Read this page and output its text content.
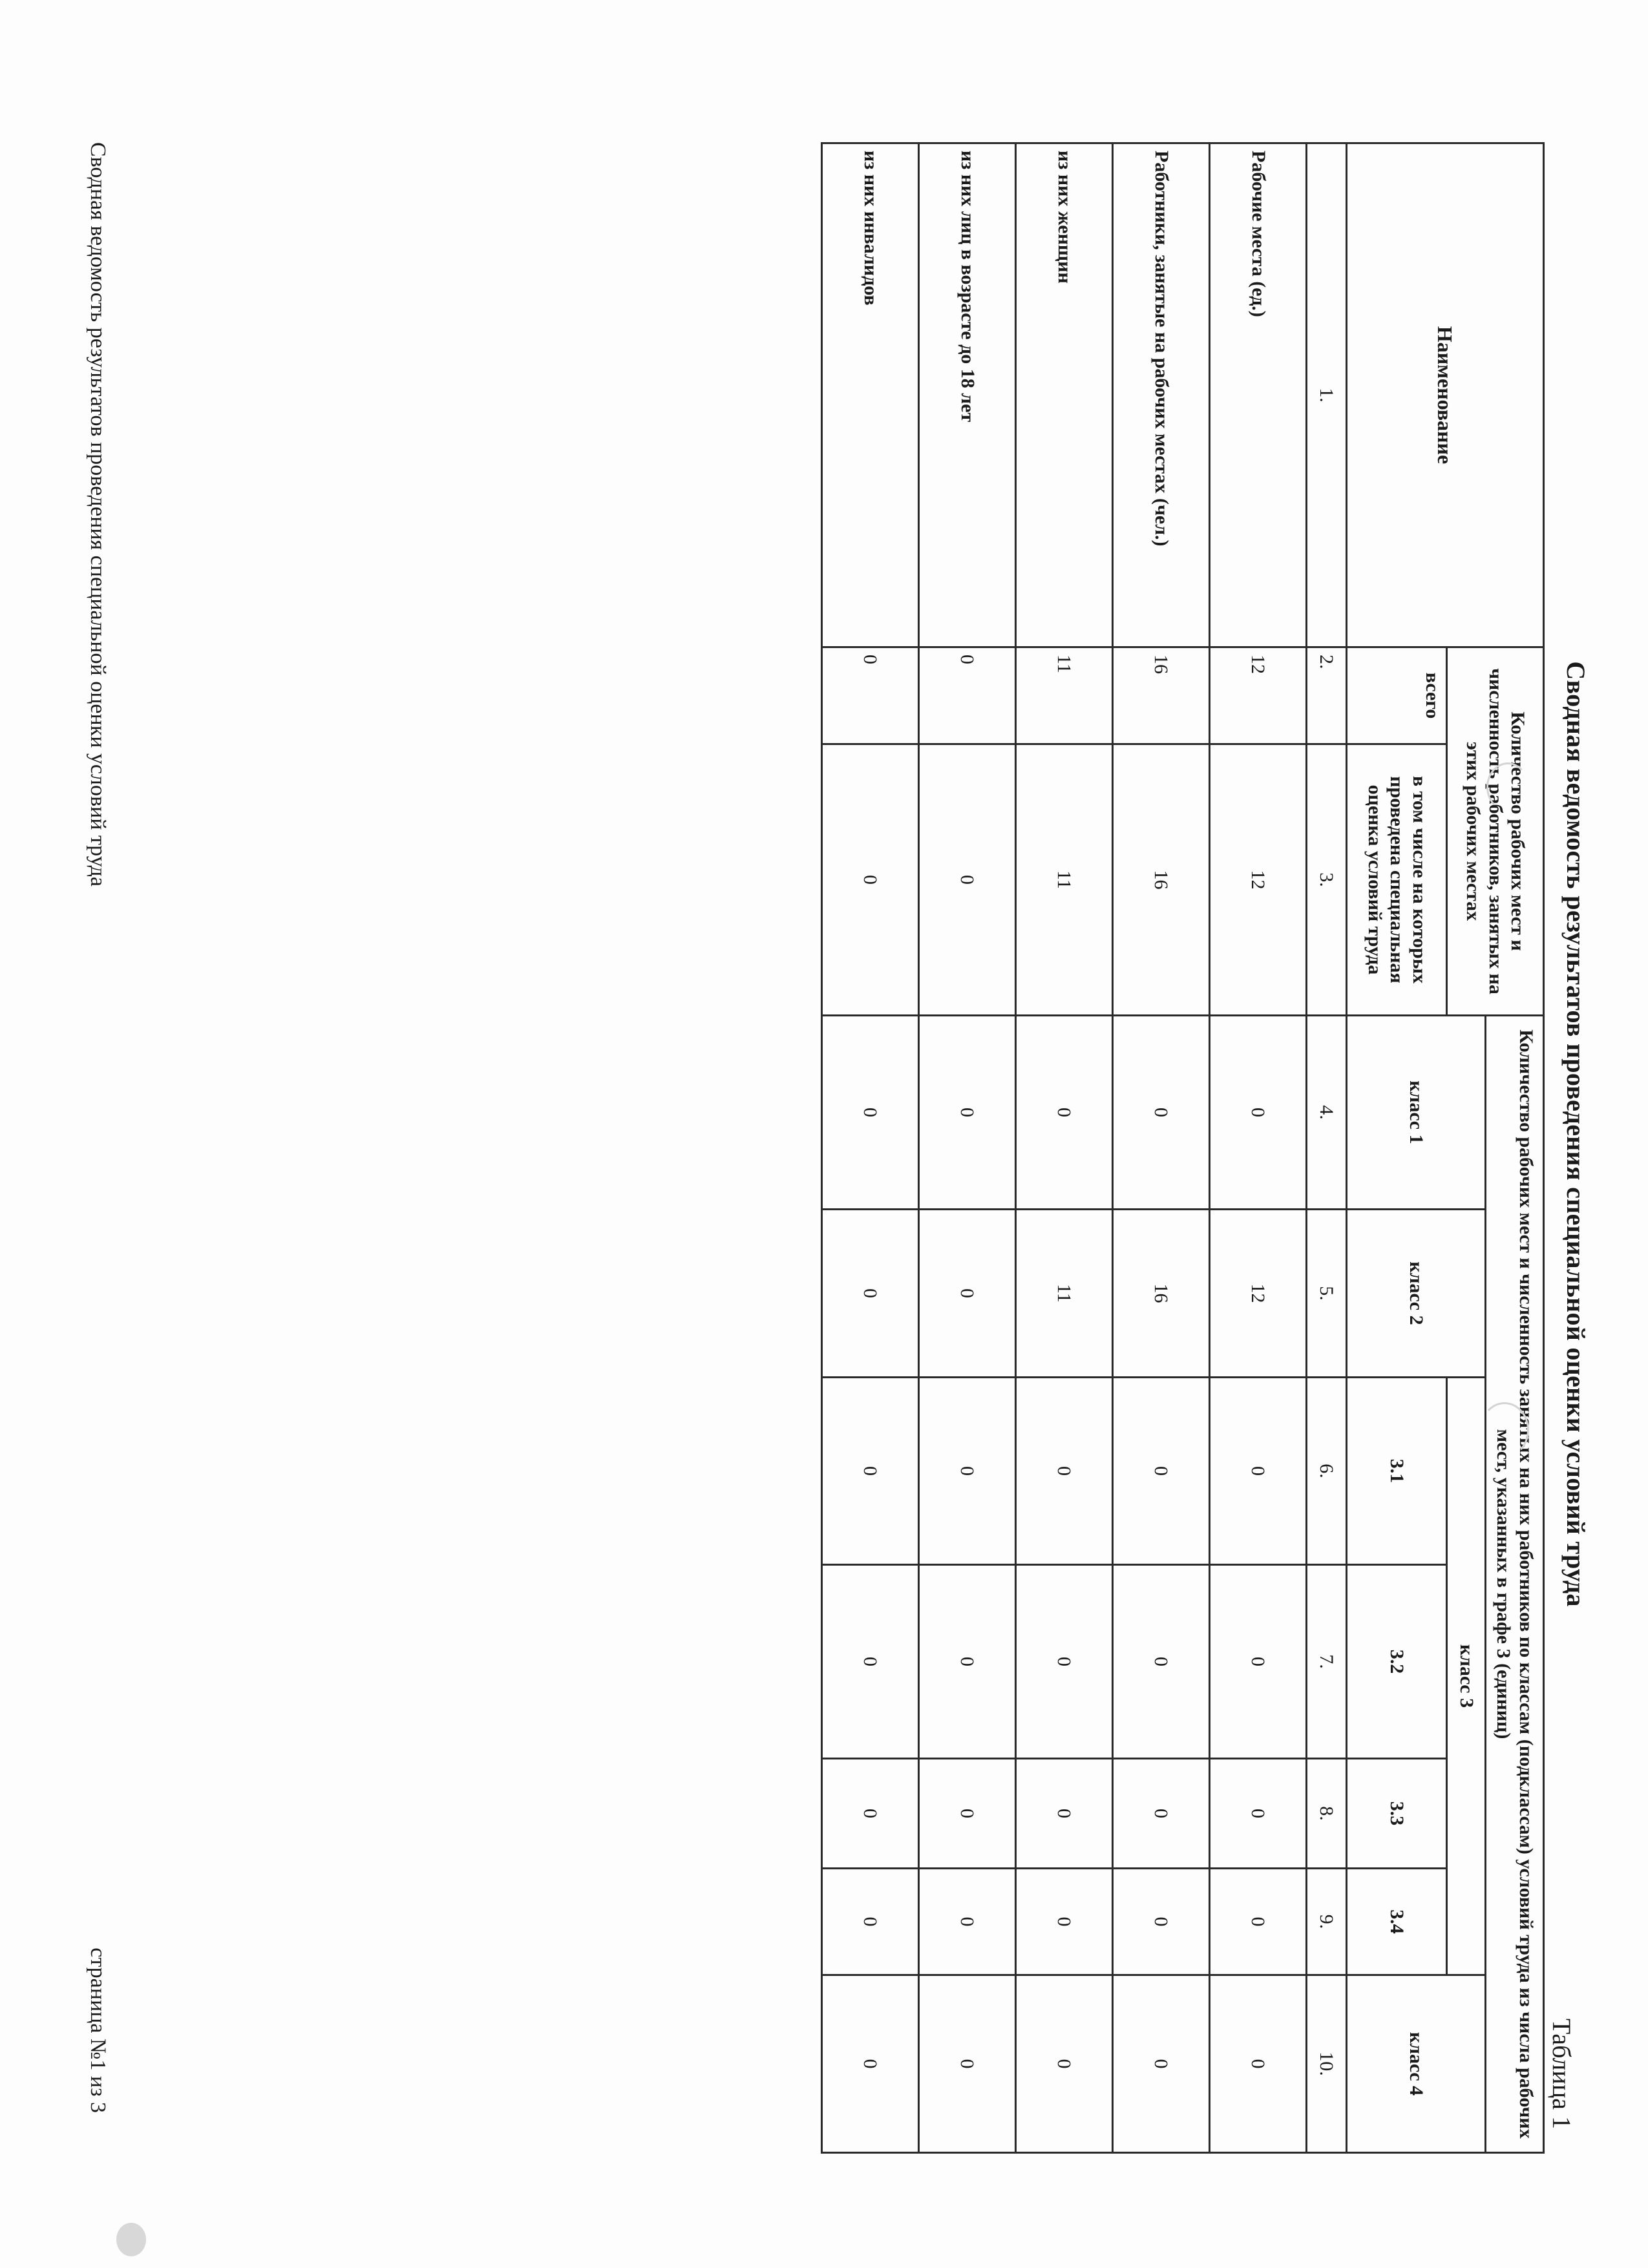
Сводная ведомость результатов проведения специальной оценки условий труда
Таблица 1
Наименование	Количество рабочих мест и численность работников, занятых на этих рабочих местах		Количество рабочих мест и численность занятых на них работников по классам (подклассам) условий труда из числа рабочих мест, указанных в графе 3 (единиц)						
			класс 1	класс 2	класс 3				класс 4
	всего	в том числе на которых проведена специальная оценка условий труда			3.1	3.2	3.3	3.4	
1.	2.	3.	4.	5.	6.	7.	8.	9.	10.
Рабочие места (ед.)	12	12	0	12	0	0	0	0	0
Работники, занятые на рабочих местах (чел.)	16	16	0	16	0	0	0	0	0
из них женщин	11	11	0	11	0	0	0	0	0
из них лиц в возрасте до 18 лет	0	0	0	0	0	0	0	0	0
из них инвалидов	0	0	0	0	0	0	0	0	0
Сводная ведомость результатов проведения специальной оценки условий труда
страница №1 из 3
